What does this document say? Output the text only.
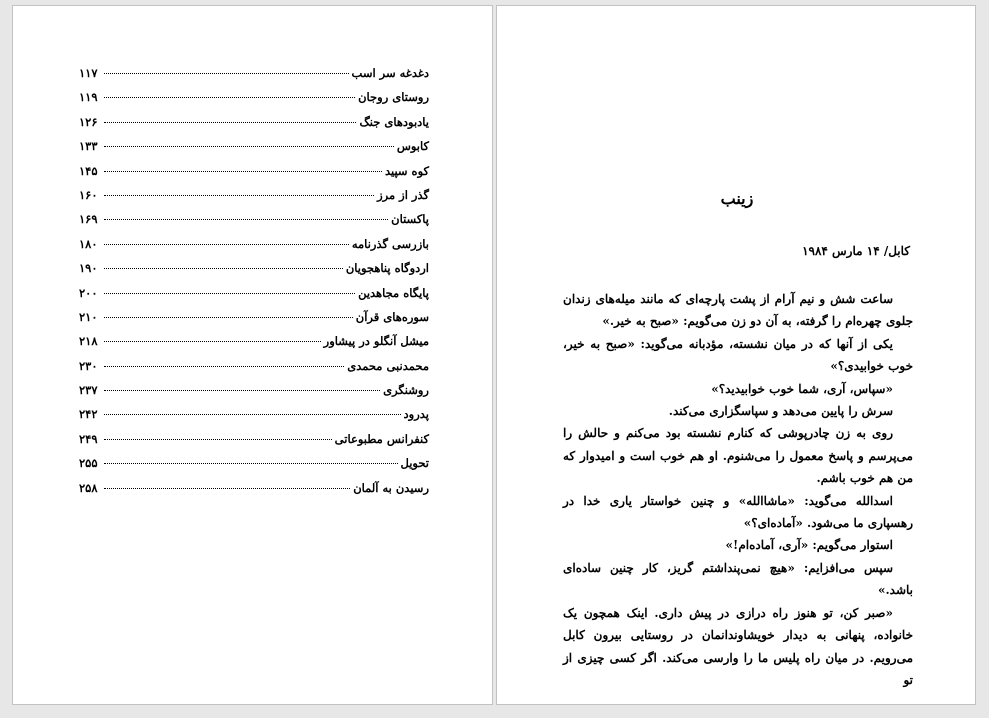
دغدغه سر اسب
۱۱۷
روستای روجان
۱۱۹
یادبودهای جنگ
۱۲۶
کابوس
۱۳۳
کوه سپید
۱۴۵
گذر از مرز
۱۶۰
پاکستان
۱۶۹
بازرسی گذرنامه
۱۸۰
اردوگاه پناهجویان
۱۹۰
پایگاه مجاهدین
۲۰۰
سوره‌های قرآن
۲۱۰
میشل آنگلو در پیشاور
۲۱۸
محمدنبی محمدی
۲۳۰
روشنگری
۲۳۷
پدرود
۲۴۲
کنفرانس مطبوعاتی
۲۴۹
تحویل
۲۵۵
رسیدن به آلمان
۲۵۸
زینب
کابل/ ۱۴ مارس ۱۹۸۴

ساعت شش و نیم آرام از پشت پارچه‌ای که مانند میله‌های زندان جلوی چهره‌ام را گرفته، به آن دو زن می‌گویم: «صبح به خیر.»

یکی از آنها که در میان نشسته، مؤدبانه می‌گوید: «صبح به خیر، خوب خوابیدی؟»

«سپاس، آری، شما خوب خوابیدید؟»

سرش را پایین می‌دهد و سپاسگزاری می‌کند.

روی به زن چادرپوشی که کنارم نشسته بود می‌کنم و حالش را می‌پرسم و پاسخ معمول را می‌شنوم. او هم خوب است و امیدوار که من هم خوب باشم.

اسدالله می‌گوید: «ماشاالله» و چنین خواستار یاری خدا در رهسپاری ما می‌شود. «آماده‌ای؟»

استوار می‌گویم: «آری، آماده‌ام!»

سپس می‌افزایم: «هیچ نمی‌پنداشتم گریز، کار چنین ساده‌ای باشد.»

«صبر کن، تو هنوز راه درازی در پیش داری. اینک همچون یک خانواده، پنهانی به دیدار خویشاوندانمان در روستایی بیرون کابل می‌رویم. در میان راه پلیس ما را وارسی می‌کند. اگر کسی چیزی از تو
